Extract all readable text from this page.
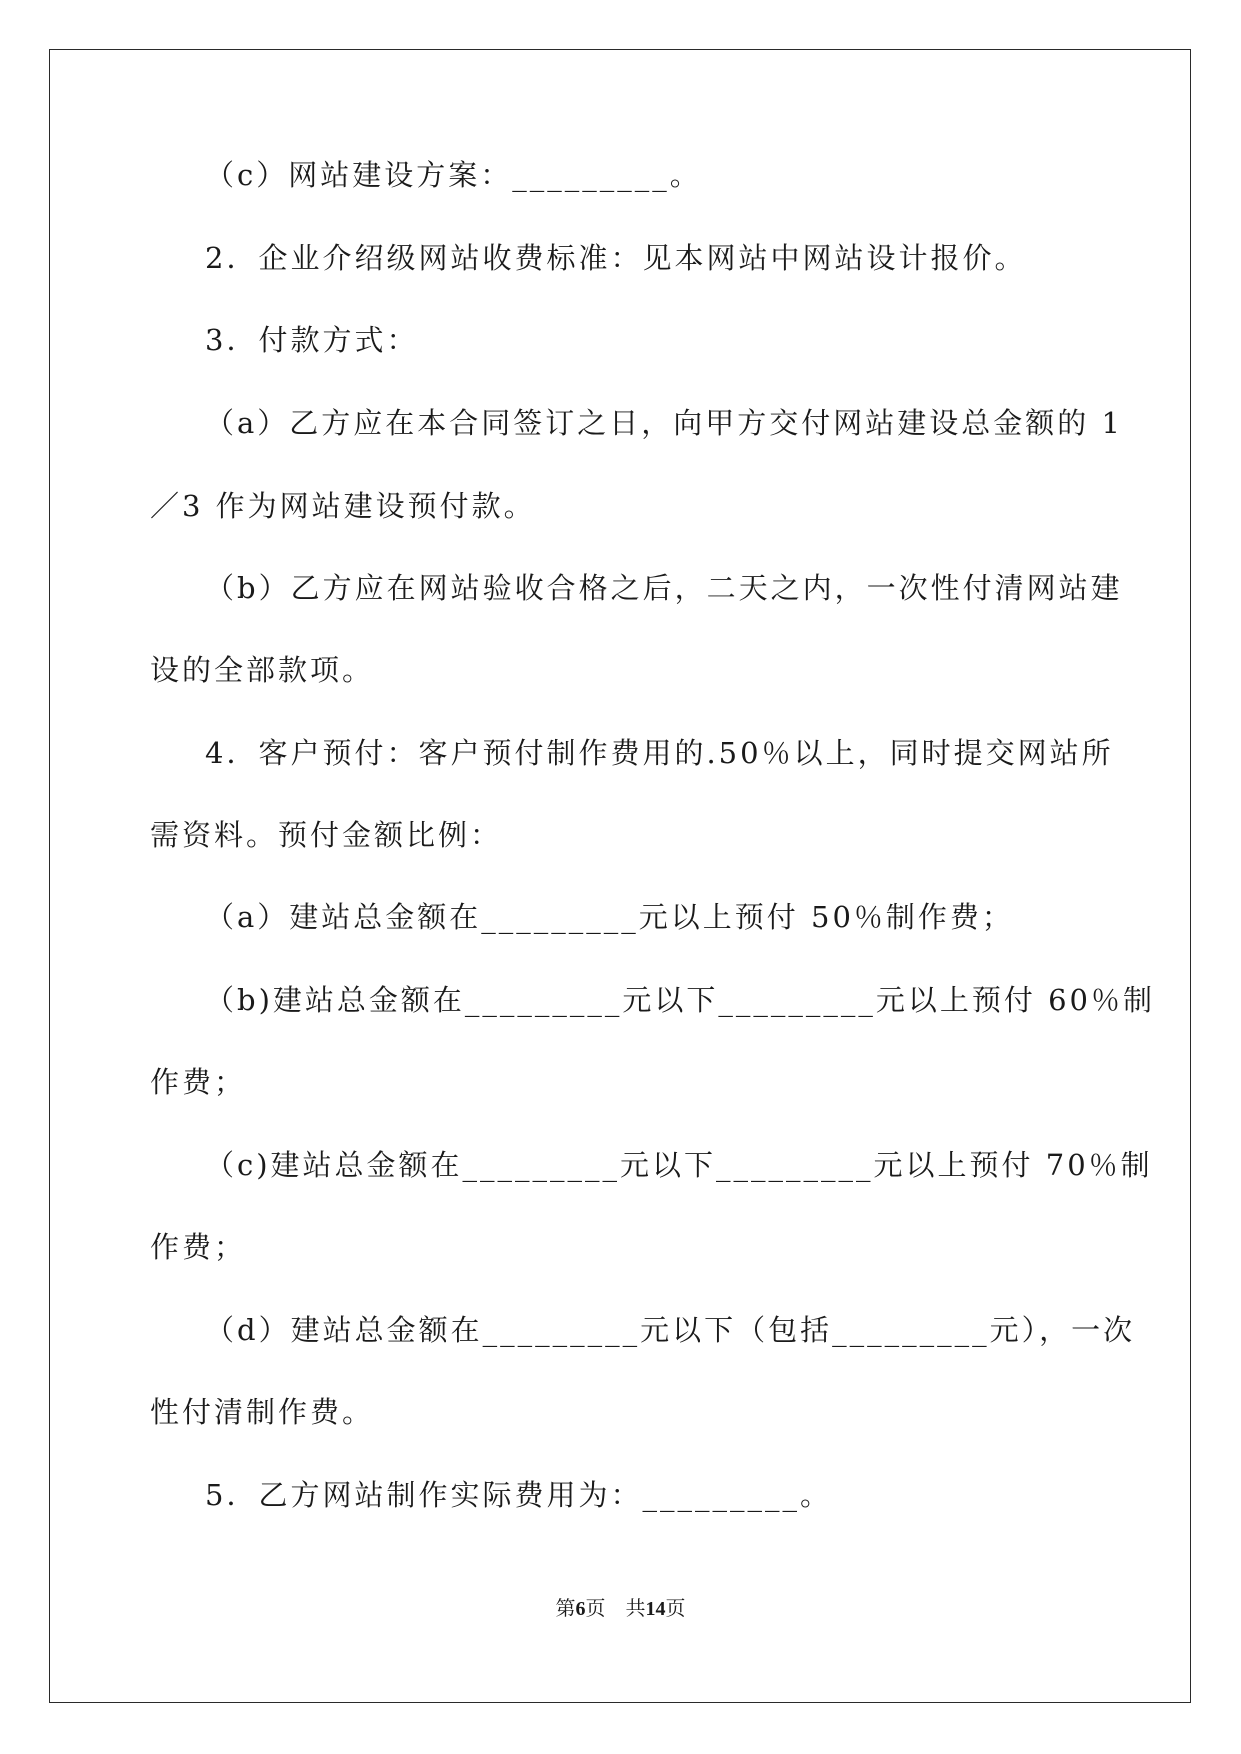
（c）网站建设方案：_________。
2．企业介绍级网站收费标准：见本网站中网站设计报价。
3．付款方式：
（a）乙方应在本合同签订之日，向甲方交付网站建设总金额的 1
／3 作为网站建设预付款。
（b）乙方应在网站验收合格之后，二天之内，一次性付清网站建
设的全部款项。
4．客户预付：客户预付制作费用的.50％以上，同时提交网站所
需资料。预付金额比例：
（a）建站总金额在_________元以上预付 50％制作费；
（b)建站总金额在_________元以下_________元以上预付 60％制
作费；
（c)建站总金额在_________元以下_________元以上预付 70％制
作费；
（d）建站总金额在_________元以下（包括_________元），一次
性付清制作费。
5．乙方网站制作实际费用为：_________。
第6页 共14页
